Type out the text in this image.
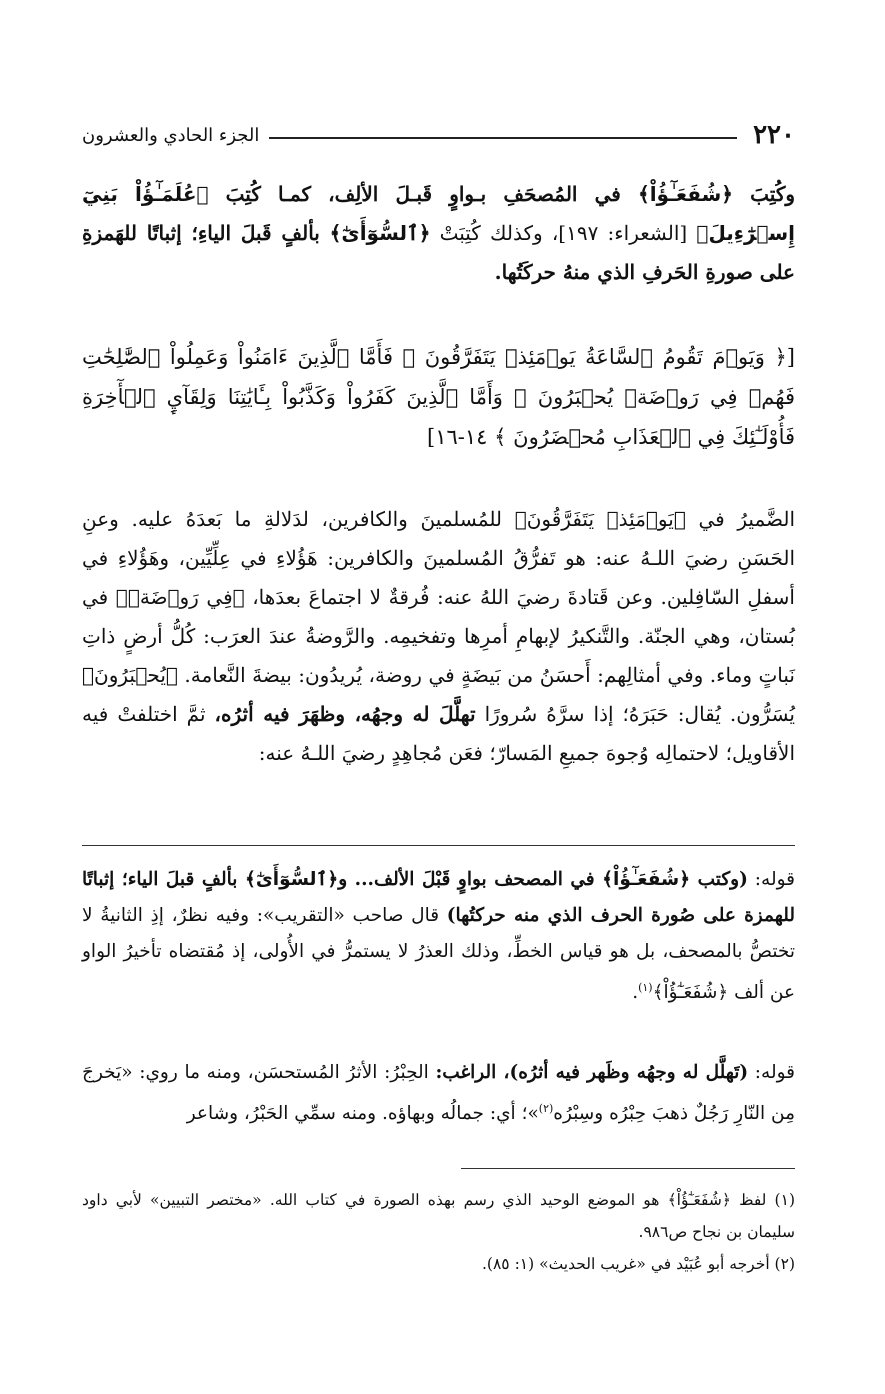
٢٢٠
الجزء الحادي والعشرون

وكُتِبَ ﴿شُفَعَـٰٓؤُاْ﴾ في المُصحَفِ بـواوٍ قَبـلَ الألِف، كمـا كُتِبَ ﴿عُلَمَـٰٓؤُاْ بَنِيٓ إِسۡرَٰٓءِيلَ﴾ [الشعراء: ١٩٧]، وكذلك كُتِبَتْ ﴿ٱلسُّوٓأَىٰٓ﴾ بألفٍ قَبلَ الياءِ؛ إثباتًا للهَمزةِ على صورةِ الحَرفِ الذي منهُ حركَتُها.

[﴿ وَيَوۡمَ تَقُومُ ٱلسَّاعَةُ يَوۡمَئِذٖ يَتَفَرَّقُونَ ۞ فَأَمَّا ٱلَّذِينَ ءَامَنُواْ وَعَمِلُواْ ٱلصَّٰلِحَٰتِ فَهُمۡ فِي رَوۡضَةٖ يُحۡبَرُونَ ۞ وَأَمَّا ٱلَّذِينَ كَفَرُواْ وَكَذَّبُواْ بِـَٔايَٰتِنَا وَلِقَآيِٕ ٱلۡأٓخِرَةِ فَأُوْلَـٰٓئِكَ فِي ٱلۡعَذَابِ مُحۡضَرُونَ ﴾ ١٤-١٦]

الضَّميرُ في ﴿يَوۡمَئِذٖ يَتَفَرَّقُونَ﴾ للمُسلمينَ والكافرين، لدَلالةِ ما بَعدَهُ عليه. وعنِ الحَسَنِ رضيَ اللـهُ عنه: هو تَفرُّقُ المُسلمينَ والكافرين: هَؤُلاءِ في عِلِّيِّين، وهَؤُلاءِ في أسفلِ السّافِلين. وعن قَتادةَ رضيَ اللهُ عنه: فُرقةٌ لا اجتماعَ بعدَها، ﴿فِي رَوۡضَةٖ﴾ في بُستان، وهي الجنّة. والتَّنكيرُ لإبهامِ أمرِها وتفخيمِه. والرَّوضةُ عندَ العرَب: كُلُّ أرضٍ ذاتِ نَباتٍ وماء. وفي أمثالِهم: أَحسَنُ من بَيضَةٍ في روضة، يُريدُون: بيضةَ النَّعامة. ﴿يُحۡبَرُونَ﴾ يُسَرُّون. يُقال: حَبَرَهُ؛ إذا سرَّهُ سُرورًا تهلَّلَ له وجهُه، وظهَرَ فيه أثرُه، ثمَّ اختلفتْ فيه الأقاويل؛ لاحتمالِه وُجوهَ جميعِ المَسارّ؛ فعَن مُجاهِدٍ رضيَ اللـهُ عنه:

قوله: (وكتب ﴿شُفَعَـٰٓؤُاْ﴾ في المصحف بواوٍ قَبْلَ الألف... و﴿ٱلسُّوٓأَىٰٓ﴾ بألفٍ قبلَ الياء؛ إثباتًا للهمزة على صُورة الحرف الذي منه حركتُها) قال صاحب «التقريب»: وفيه نظرٌ، إذِ الثانيةُ لا تختصُّ بالمصحف، بل هو قياس الخطِّ، وذلك العذرُ لا يستمرُّ في الأُولى، إذ مُقتضاه تأخيرُ الواو عن ألف ﴿شُفَعَـٰٓؤُاْ﴾$^{(١)}$.

قوله: (تَهلَّل له وجهُه وظَهر فيه أثرُه)، الراغب: الحِبْرُ: الأثرُ المُستحسَن، ومنه ما روي: «يَخرجَ مِن النّارِ رَجُلٌ ذهبَ حِبْرُه وسِبْرُه$^{(٢)}$»؛ أي: جمالُه وبهاؤه. ومنه سمِّي الحَبْرُ، وشاعر

(١) لفظ ﴿شُفَعَـٰٓؤُاْ﴾ هو الموضع الوحيد الذي رسم بهذه الصورة في كتاب الله. «مختصر التبيين» لأبي داود سليمان بن نجاح ص٩٨٦.

(٢) أخرجه أبو عُبَيْد في «غريب الحديث» (١: ٨٥).
